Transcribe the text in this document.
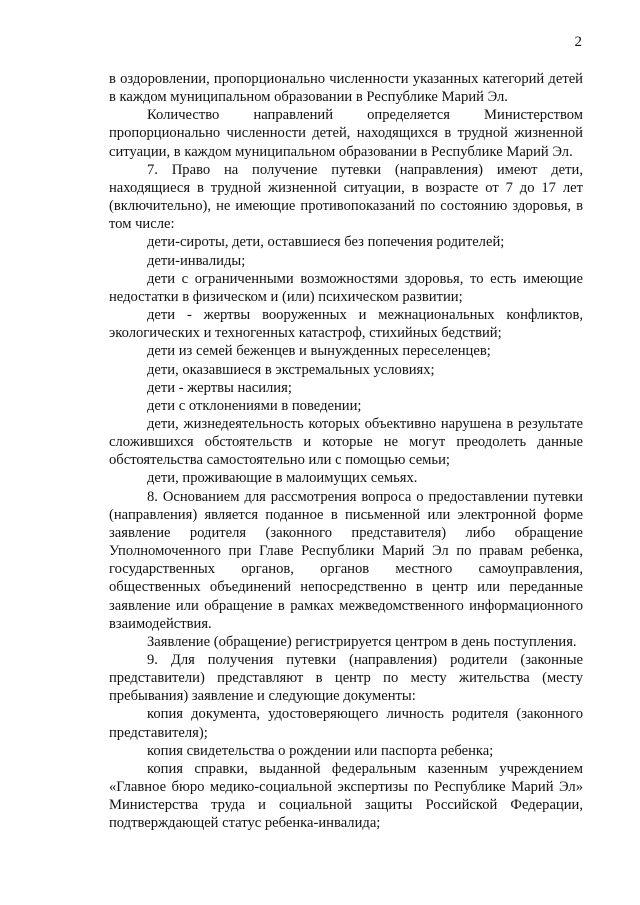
2

в оздоровлении, пропорционально численности указанных категорий детей в каждом муниципальном образовании в Республике Марий Эл.

Количество направлений определяется Министерством пропорционально численности детей, находящихся в трудной жизненной ситуации, в каждом муниципальном образовании в Республике Марий Эл.

7. Право на получение путевки (направления) имеют дети, находящиеся в трудной жизненной ситуации, в возрасте от 7 до 17 лет (включительно), не имеющие противопоказаний по состоянию здоровья, в том числе:

дети-сироты, дети, оставшиеся без попечения родителей;

дети-инвалиды;

дети с ограниченными возможностями здоровья, то есть имеющие недостатки в физическом и (или) психическом развитии;

дети - жертвы вооруженных и межнациональных конфликтов, экологических и техногенных катастроф, стихийных бедствий;

дети из семей беженцев и вынужденных переселенцев;

дети, оказавшиеся в экстремальных условиях;

дети - жертвы насилия;

дети с отклонениями в поведении;

дети, жизнедеятельность которых объективно нарушена в результате сложившихся обстоятельств и которые не могут преодолеть данные обстоятельства самостоятельно или с помощью семьи;

дети, проживающие в малоимущих семьях.

8. Основанием для рассмотрения вопроса о предоставлении путевки (направления) является поданное в письменной или электронной форме заявление родителя (законного представителя) либо обращение Уполномоченного при Главе Республики Марий Эл по правам ребенка, государственных органов, органов местного самоуправления, общественных объединений непосредственно в центр или переданные заявление или обращение в рамках межведомственного информационного взаимодействия.

Заявление (обращение) регистрируется центром в день поступления.

9. Для получения путевки (направления) родители (законные представители) представляют в центр по месту жительства (месту пребывания) заявление и следующие документы:

копия документа, удостоверяющего личность родителя (законного представителя);

копия свидетельства о рождении или паспорта ребенка;

копия справки, выданной федеральным казенным учреждением «Главное бюро медико-социальной экспертизы по Республике Марий Эл» Министерства труда и социальной защиты Российской Федерации, подтверждающей статус ребенка-инвалида;
